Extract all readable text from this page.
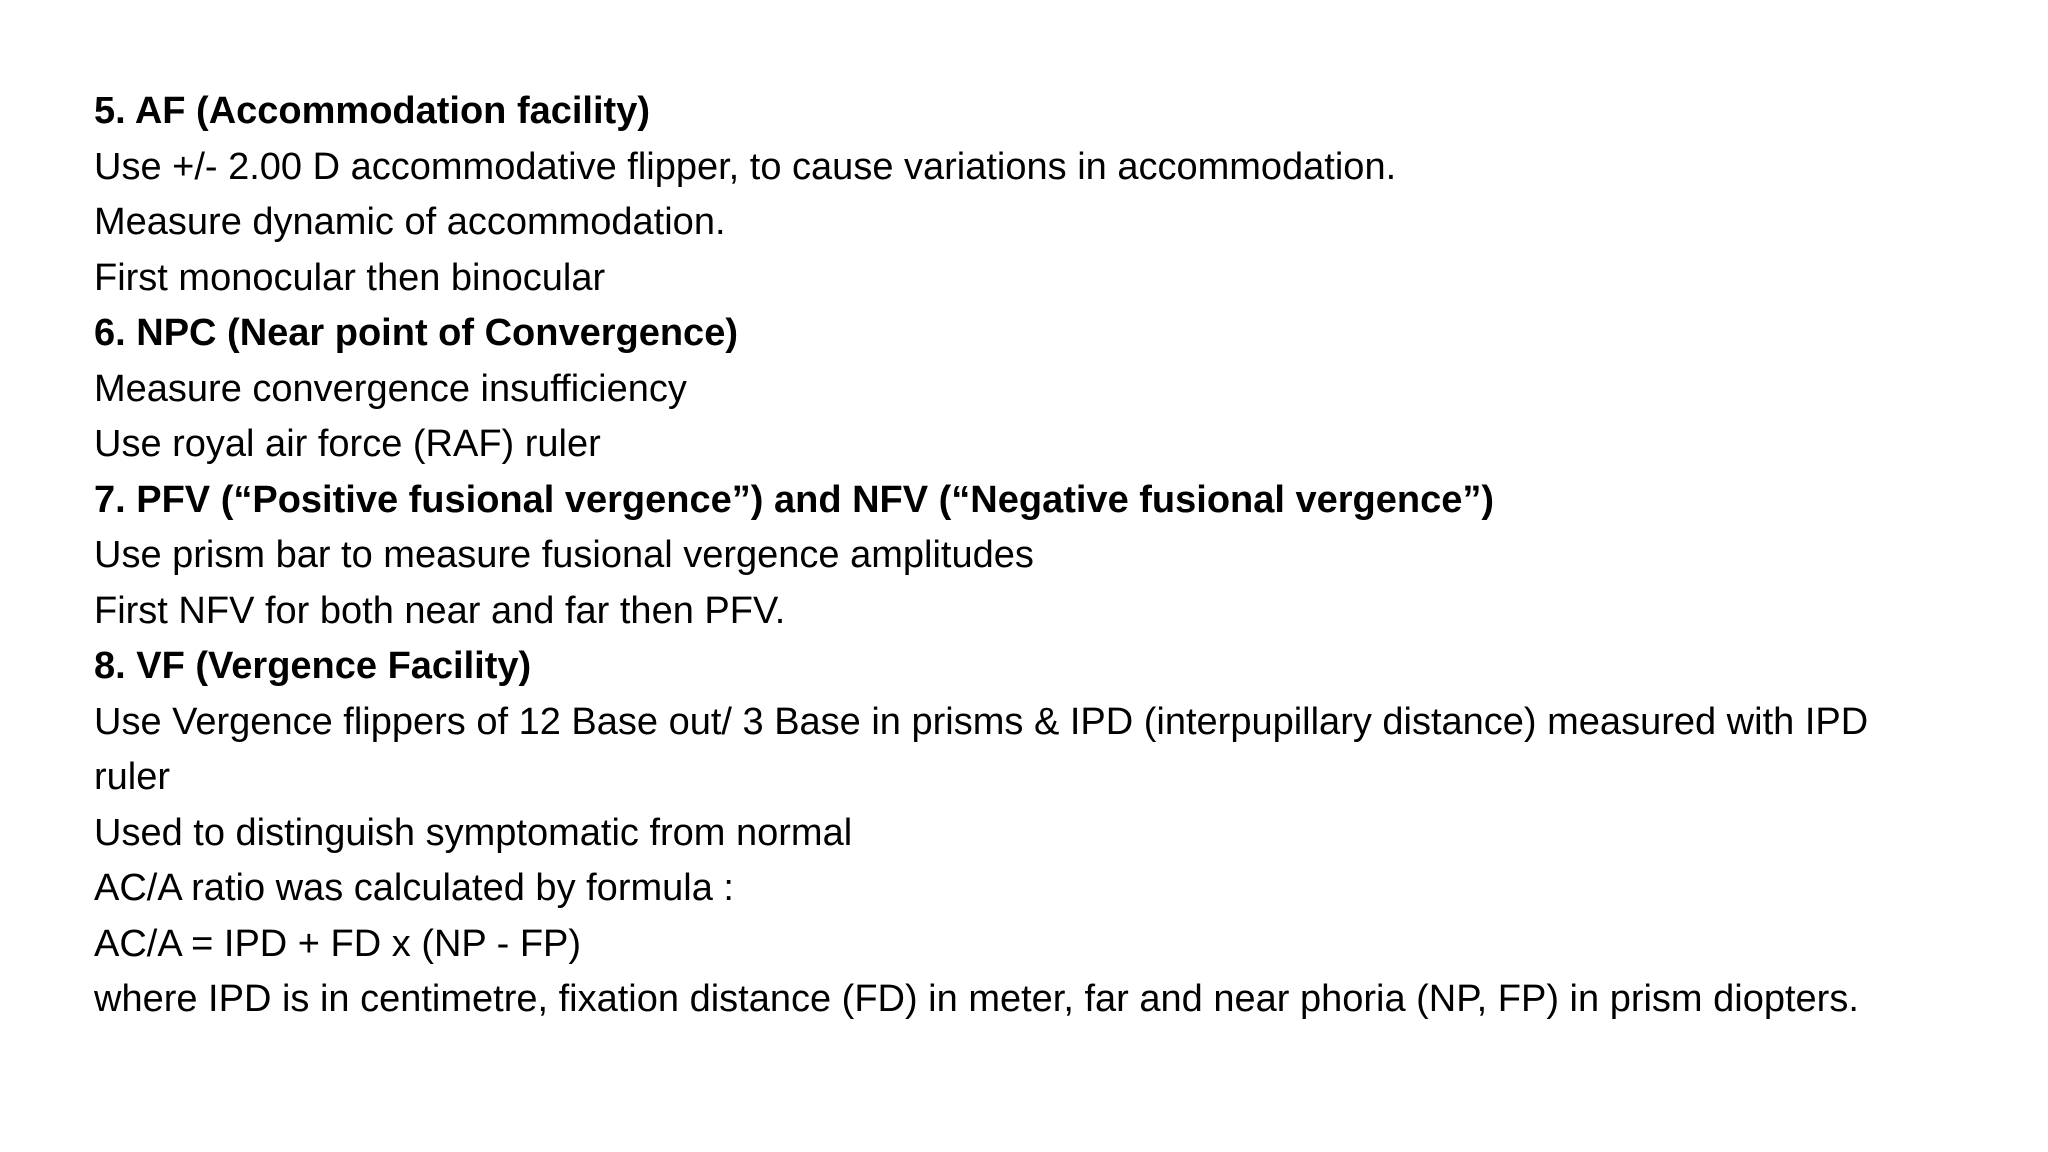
5. AF (Accommodation facility)
Use +/- 2.00 D accommodative flipper, to cause variations in accommodation.
Measure dynamic of accommodation.
First monocular then binocular
6. NPC (Near point of Convergence)
Measure convergence insufficiency
Use royal air force (RAF) ruler
7. PFV (“Positive fusional vergence”) and NFV (“Negative fusional vergence”)
Use prism bar to measure fusional vergence amplitudes
First NFV for both near and far then PFV.
8. VF (Vergence Facility)
Use Vergence flippers of 12 Base out/ 3 Base in prisms & IPD (interpupillary distance) measured with IPD
ruler
Used to distinguish symptomatic from normal
AC/A ratio was calculated by formula :
AC/A = IPD + FD x (NP - FP)
where IPD is in centimetre, fixation distance (FD) in meter, far and near phoria (NP, FP) in prism diopters.
